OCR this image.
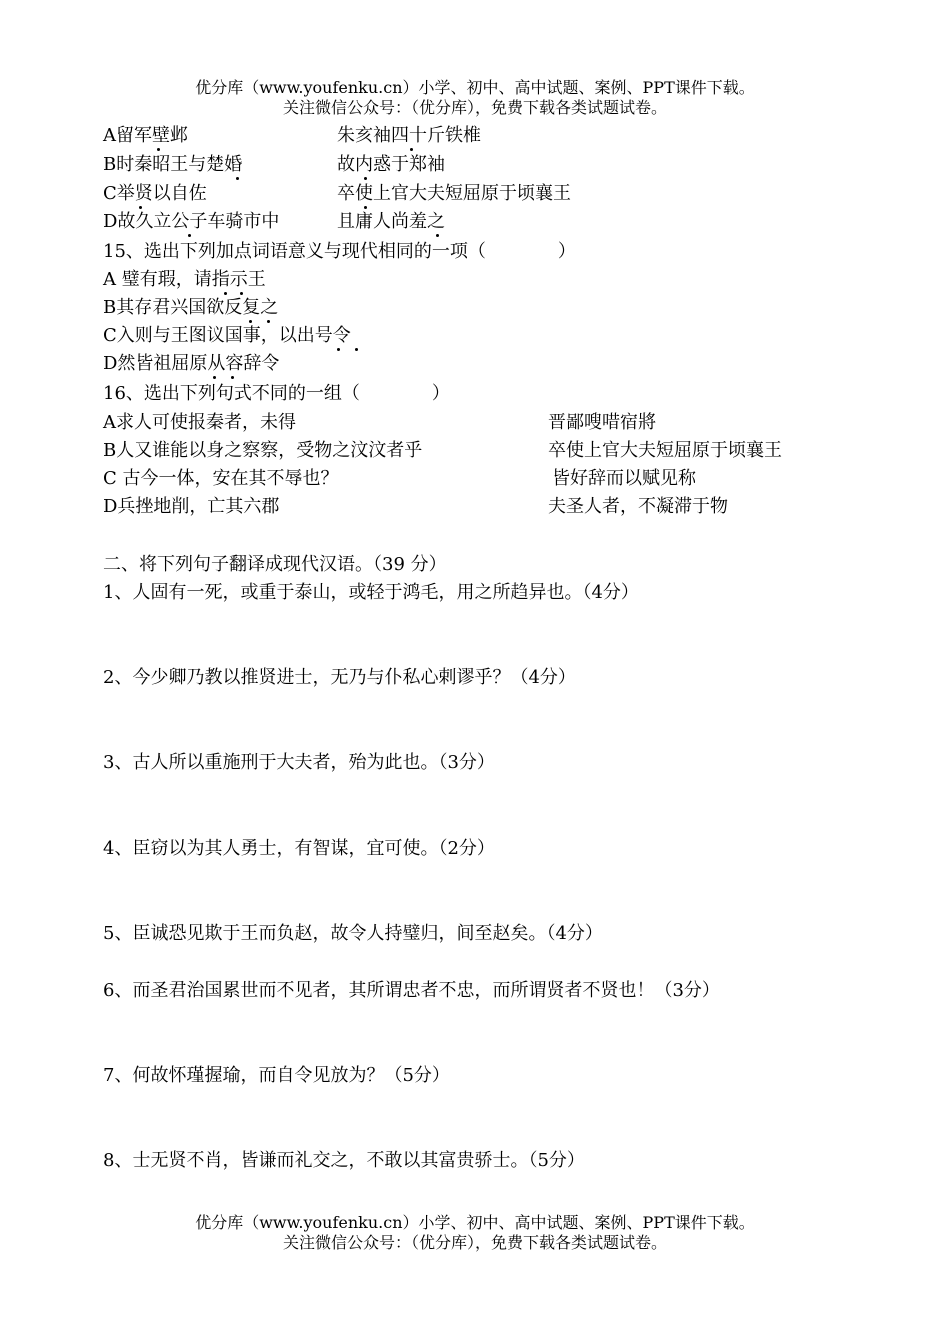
优分库（www.youfenku.cn）小学、初中、高中试题、案例、PPT课件下载。
关注微信公众号：（优分库），免费下载各类试题试卷。
A留军壁邺	朱亥袖四十斤铁椎
B时秦昭王与楚婚	故内惑于郑袖
C举贤以自佐	卒使上官大夫短屈原于顷襄王
D故久立公子车骑市中	且庸人尚羞之
15、选出下列加点词语意义与现代相同的一项（　　　　）
A 璧有瑕，请指示王
B其存君兴国欲反复之
C入则与王图议国事，以出号令
D然皆祖屈原从容辞令
16、选出下列句式不同的一组（　　　　）
A求人可使报秦者，未得	晋鄙嗖唶宿將
B人又谁能以身之察察，受物之汶汶者乎	卒使上官大夫短屈原于顷襄王
C 古今一体，安在其不辱也？	皆好辞而以赋见称
D兵挫地削，亡其六郡	夫圣人者，不凝滞于物
二、将下列句子翻译成现代汉语。（39 分）
1、人固有一死，或重于泰山，或轻于鸿毛，用之所趋异也。（4分）
2、今少卿乃教以推贤进士，无乃与仆私心剌谬乎？（4分）
3、古人所以重施刑于大夫者，殆为此也。（3分）
4、臣窃以为其人勇士，有智谋，宜可使。（2分）
5、臣诚恐见欺于王而负赵，故令人持璧归，间至赵矣。（4分）
6、而圣君治国累世而不见者，其所谓忠者不忠，而所谓贤者不贤也！（3分）
7、何故怀瑾握瑜，而自令见放为？（5分）
8、士无贤不肖，皆谦而礼交之，不敢以其富贵骄士。（5分）
优分库（www.youfenku.cn）小学、初中、高中试题、案例、PPT课件下载。
关注微信公众号：（优分库），免费下载各类试题试卷。
